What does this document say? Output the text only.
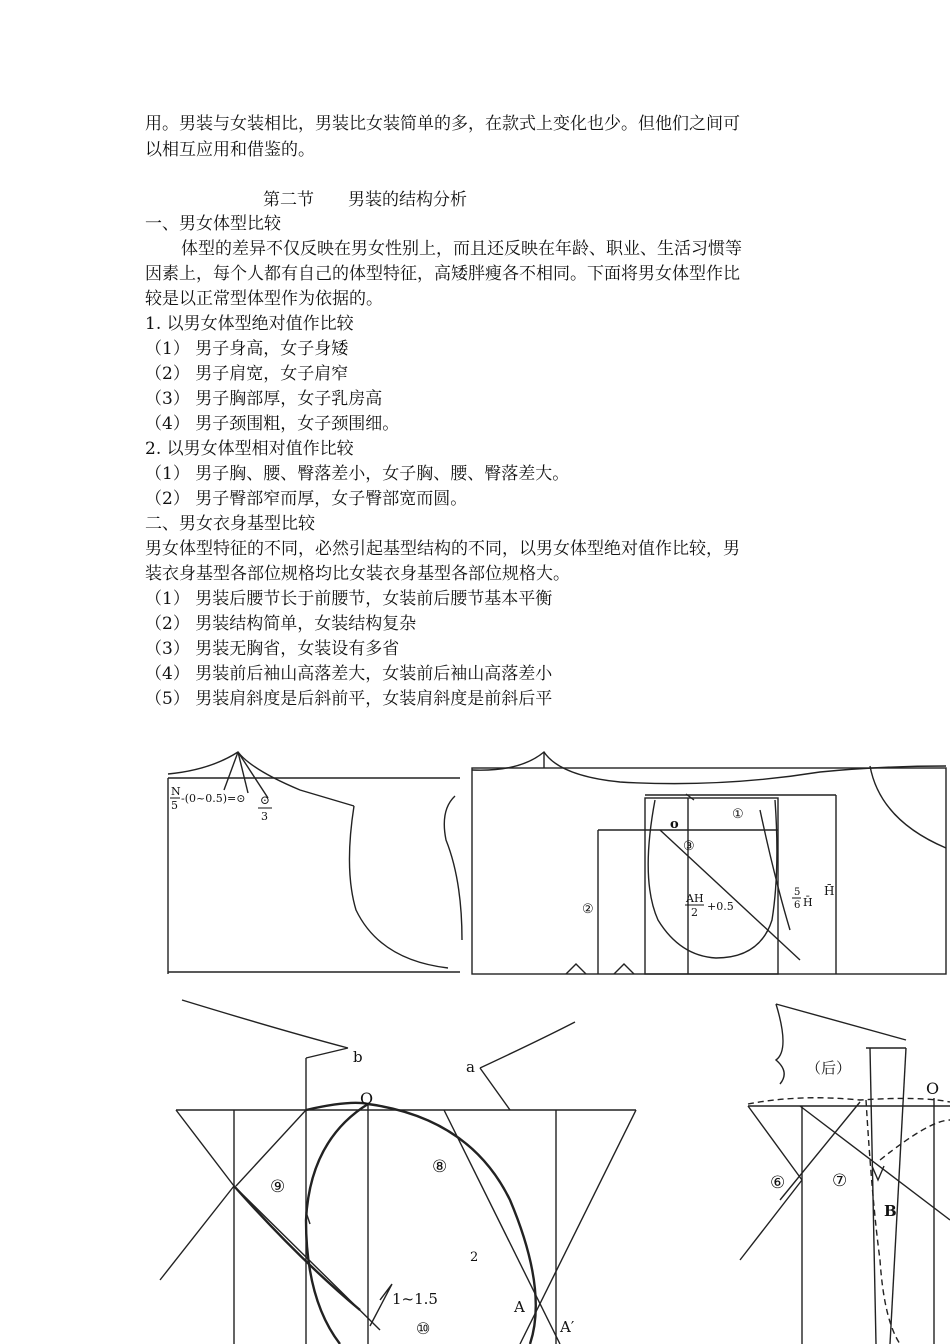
用。男装与女装相比，男装比女装简单的多，在款式上变化也少。但他们之间可
以相互应用和借鉴的。
第二节 男装的结构分析
一、男女体型比较
体型的差异不仅反映在男女性别上，而且还反映在年龄、职业、生活习惯等
因素上，每个人都有自己的体型特征，高矮胖瘦各不相同。下面将男女体型作比
较是以正常型体型作为依据的。
1. 以男女体型绝对值作比较
（1） 男子身高，女子身矮
（2） 男子肩宽，女子肩窄
（3） 男子胸部厚，女子乳房高
（4） 男子颈围粗，女子颈围细。
2. 以男女体型相对值作比较
（1） 男子胸、腰、臀落差小，女子胸、腰、臀落差大。
（2） 男子臀部窄而厚，女子臀部宽而圆。
二、男女衣身基型比较
男女体型特征的不同，必然引起基型结构的不同，以男女体型绝对值作比较，男
装衣身基型各部位规格均比女装衣身基型各部位规格大。
（1） 男装后腰节长于前腰节，女装前后腰节基本平衡
（2） 男装结构简单，女装结构复杂
（3） 男装无胸省，女装设有多省
（4） 男装前后袖山高落差大，女装前后袖山高落差小
（5） 男装肩斜度是后斜前平，女装肩斜度是前斜后平
N
5
-(0~0.5)=⊙ ⊙
3	①
o
③
②
AH
2 +0.5
5
6 H̄
H̄
b
a
O
⑨
⑧
1~1.5
⑩
A
A′
（后）
O
⑥	⑦
B
2
